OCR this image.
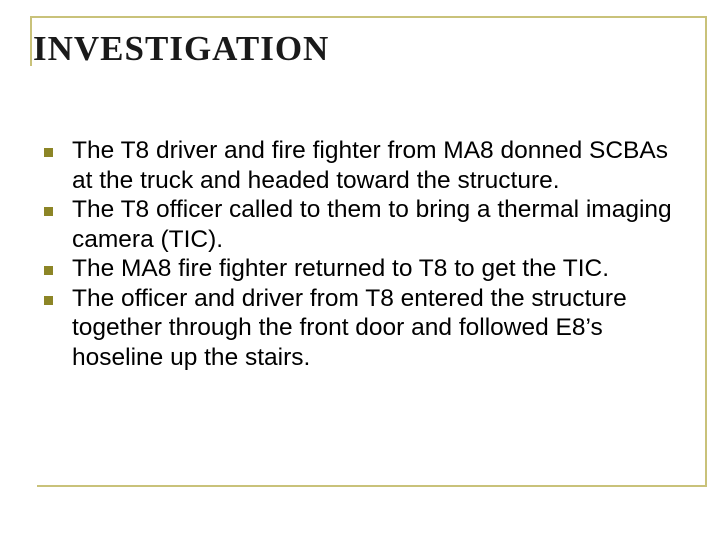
INVESTIGATION
The T8 driver and fire fighter from MA8 donned SCBAs at the truck and headed toward the structure.
The T8 officer called to them to bring a thermal imaging camera (TIC).
The MA8 fire fighter returned to T8 to get the TIC.
The officer and driver from T8 entered the structure together through the front door and followed E8’s hoseline up the stairs.
